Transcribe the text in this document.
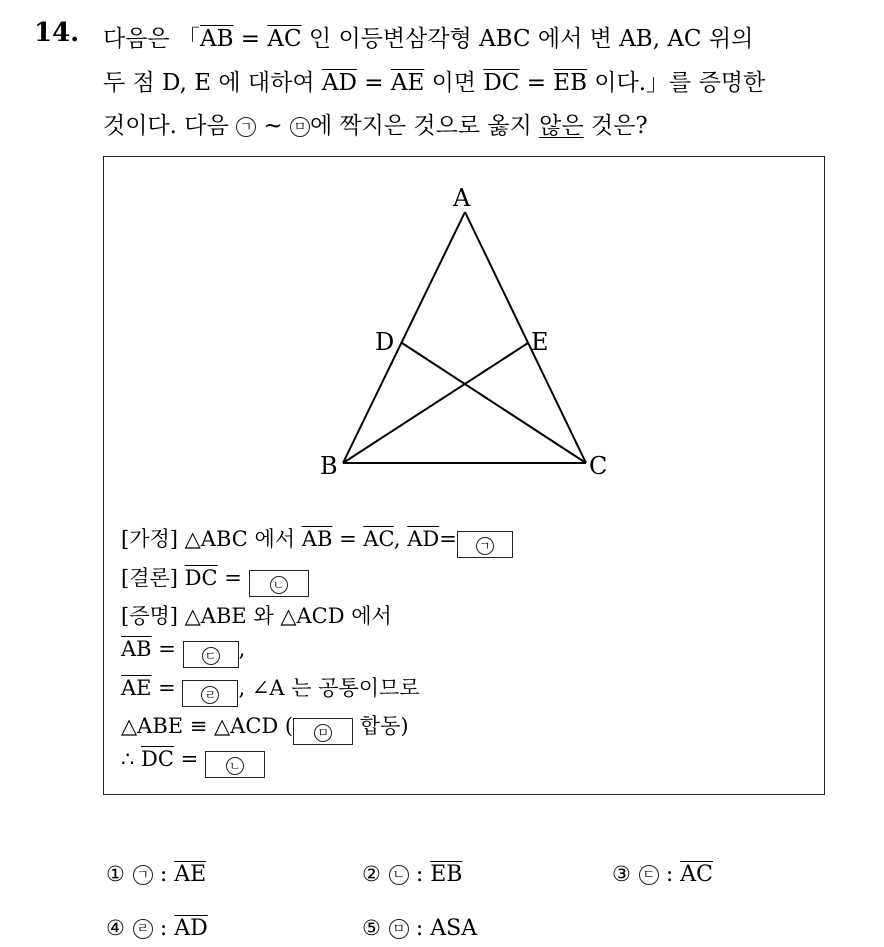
14. 다음은 「$\overline{AB} = \overline{AC}$ 인 이등변삼각형 ABC 에서 변 AB, AC 위의
두 점 D, E 에 대하여 $\overline{AD} = \overline{AE}$ 이면 $\overline{DC} = \overline{EB}$ 이다.」를 증명한
것이다. 다음 ㄱ ~ ㅁ 에 짝지은 것으로 옳지 않은 것은?
A
D	E
B	C
[가정] △ABC 에서 $\overline{AB} = \overline{AC}$, $\overline{AD}=$ ㄱ
[결론] $\overline{DC}$ = ㄴ
[증명] △ABE 와 △ACD 에서
$\overline{AB}$ = ㄷ ,
$\overline{AE}$ = ㄹ , ∠A 는 공통이므로
△ABE ≡ △ACD ( ㅁ 합동)
∴ $\overline{DC}$ = ㄴ
① ㄱ : $\overline{AE}$	② ㄴ : $\overline{EB}$	③ ㄷ : $\overline{AC}$
④ ㄹ : $\overline{AD}$	⑤ ㅁ : ASA
